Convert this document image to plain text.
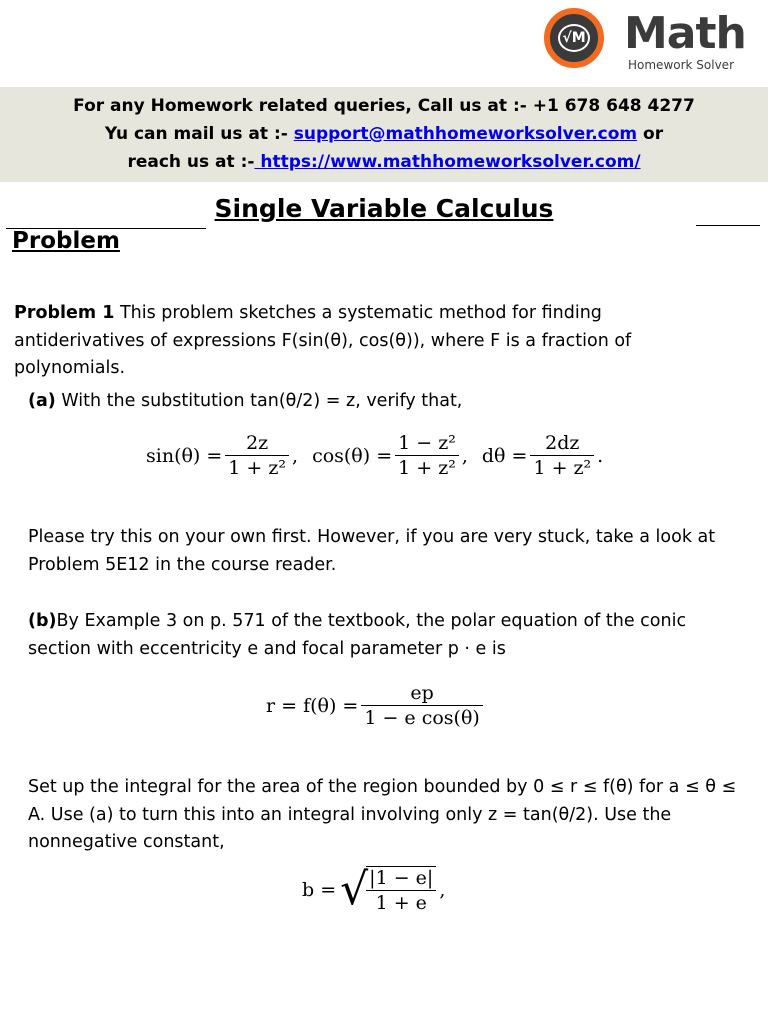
√M Math
Homework Solver
For any Homework related queries, Call us at :- +1 678 648 4277
Yu can mail us at :- support@mathhomeworksolver.com or
reach us at :- https://www.mathhomeworksolver.com/
Single Variable Calculus
Problem
Problem 1 This problem sketches a systematic method for finding antiderivatives of expressions F(sin(θ), cos(θ)), where F is a fraction of polynomials.
(a) With the substitution tan(θ/2) = z, verify that,
$\sin(\theta) = \frac{2z}{\text{1 + z²}}$ , $\cos(\theta) = \frac{\text{1 − z²}}{\text{1 + z²}}$ , $d\theta = \frac{2dz}{\text{1 + z²}}$ .
Please try this on your own first. However, if you are very stuck, take a look at Problem 5E12 in the course reader.
(b)By Example 3 on p. 571 of the textbook, the polar equation of the conic section with eccentricity e and focal parameter p · e is
$r = f(\theta) = \frac{ep}{\text{1 − e cos(θ)}}$
Set up the integral for the area of the region bounded by 0 ≤ r ≤ f(θ) for a ≤ θ ≤ A. Use (a) to turn this into an integral involving only z = tan(θ/2). Use the nonnegative constant,
b = √
$\frac{|1 - e|}{1 + e}$ ,
